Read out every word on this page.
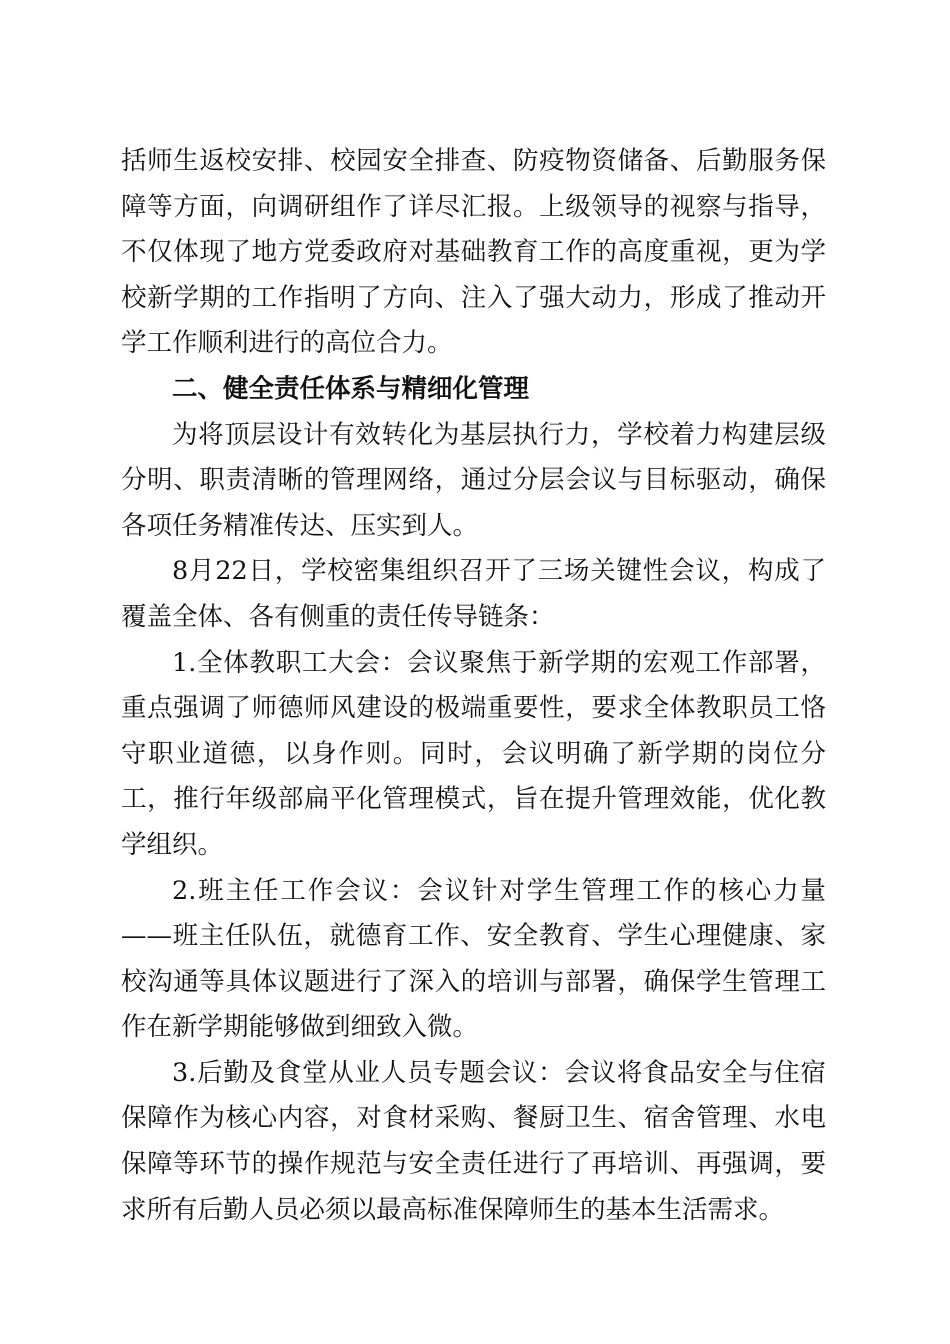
括师生返校安排、校园安全排查、防疫物资储备、后勤服务保障等方面，向调研组作了详尽汇报。上级领导的视察与指导，不仅体现了地方党委政府对基础教育工作的高度重视，更为学校新学期的工作指明了方向、注入了强大动力，形成了推动开学工作顺利进行的高位合力。

二、健全责任体系与精细化管理

为将顶层设计有效转化为基层执行力，学校着力构建层级分明、职责清晰的管理网络，通过分层会议与目标驱动，确保各项任务精准传达、压实到人。

8月22日，学校密集组织召开了三场关键性会议，构成了覆盖全体、各有侧重的责任传导链条：

1.全体教职工大会：会议聚焦于新学期的宏观工作部署，重点强调了师德师风建设的极端重要性，要求全体教职员工恪守职业道德，以身作则。同时，会议明确了新学期的岗位分工，推行年级部扁平化管理模式，旨在提升管理效能，优化教学组织。

2.班主任工作会议：会议针对学生管理工作的核心力量——班主任队伍，就德育工作、安全教育、学生心理健康、家校沟通等具体议题进行了深入的培训与部署，确保学生管理工作在新学期能够做到细致入微。

3.后勤及食堂从业人员专题会议：会议将食品安全与住宿保障作为核心内容，对食材采购、餐厨卫生、宿舍管理、水电保障等环节的操作规范与安全责任进行了再培训、再强调，要求所有后勤人员必须以最高标准保障师生的基本生活需求。
